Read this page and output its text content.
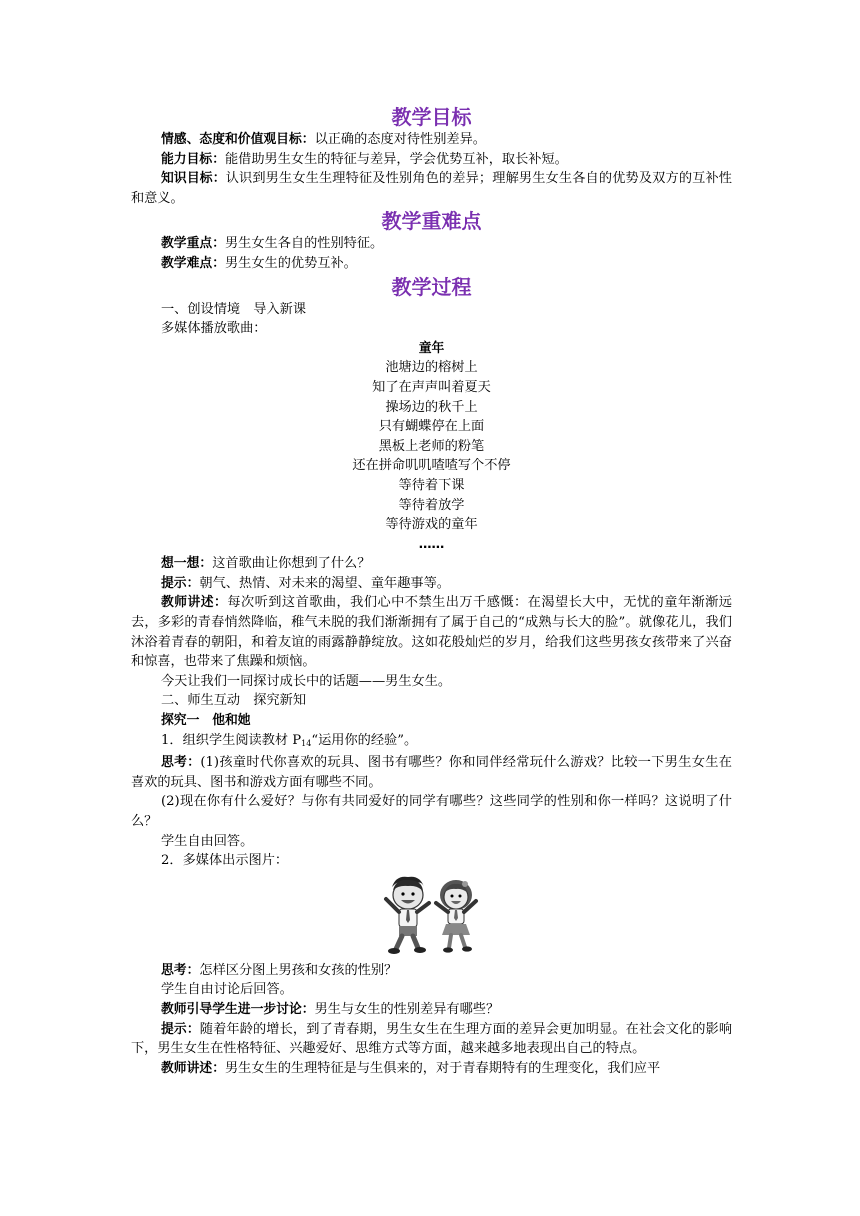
教学目标

情感、态度和价值观目标：以正确的态度对待性别差异。

能力目标：能借助男生女生的特征与差异，学会优势互补，取长补短。

知识目标：认识到男生女生生理特征及性别角色的差异；理解男生女生各自的优势及双方的互补性和意义。

教学重难点

教学重点：男生女生各自的性别特征。

教学难点：男生女生的优势互补。

教学过程

一、创设情境　导入新课

多媒体播放歌曲：

童年

池塘边的榕树上

知了在声声叫着夏天

操场边的秋千上

只有蝴蝶停在上面

黑板上老师的粉笔

还在拼命叽叽喳喳写个不停

等待着下课

等待着放学

等待游戏的童年

……

想一想：这首歌曲让你想到了什么？

提示：朝气、热情、对未来的渴望、童年趣事等。

教师讲述：每次听到这首歌曲，我们心中不禁生出万千感慨：在渴望长大中，无忧的童年渐渐远去，多彩的青春悄然降临，稚气未脱的我们渐渐拥有了属于自己的“成熟与长大的脸”。就像花儿，我们沐浴着青春的朝阳，和着友谊的雨露静静绽放。这如花般灿烂的岁月，给我们这些男孩女孩带来了兴奋和惊喜，也带来了焦躁和烦恼。

今天让我们一同探讨成长中的话题——男生女生。

二、师生互动　探究新知

探究一　他和她

1．组织学生阅读教材 $P_{14}“$运用你的经验”。

思考：(1)孩童时代你喜欢的玩具、图书有哪些？你和同伴经常玩什么游戏？比较一下男生女生在喜欢的玩具、图书和游戏方面有哪些不同。

(2)现在你有什么爱好？与你有共同爱好的同学有哪些？这些同学的性别和你一样吗？这说明了什么？

学生自由回答。

2．多媒体出示图片：

思考：怎样区分图上男孩和女孩的性别？

学生自由讨论后回答。

教师引导学生进一步讨论：男生与女生的性别差异有哪些？

提示：随着年龄的增长，到了青春期，男生女生在生理方面的差异会更加明显。在社会文化的影响下，男生女生在性格特征、兴趣爱好、思维方式等方面，越来越多地表现出自己的特点。

教师讲述：男生女生的生理特征是与生俱来的，对于青春期特有的生理变化，我们应平
